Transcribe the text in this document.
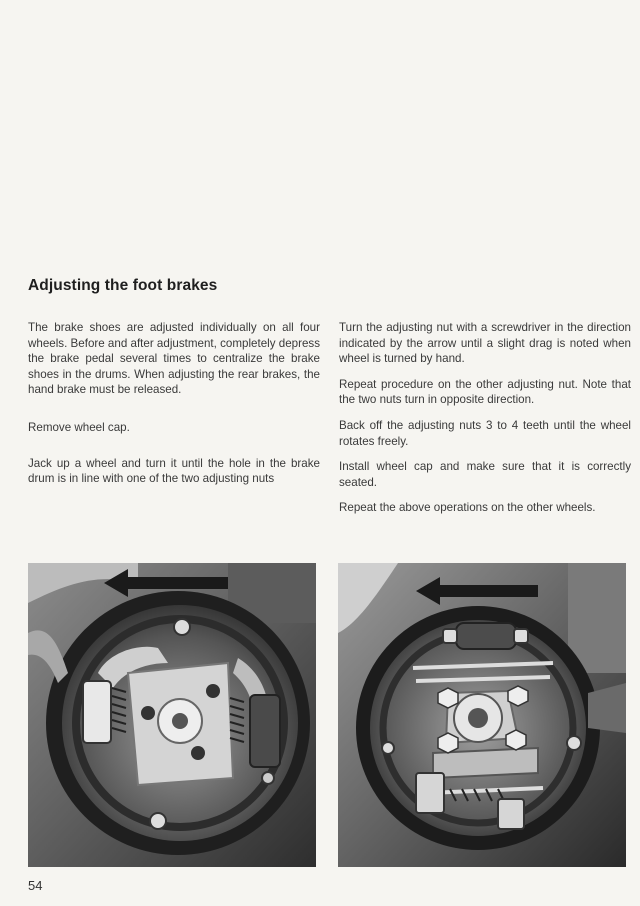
Adjusting the foot brakes

The brake shoes are adjusted individually on all four wheels. Before and after adjustment, completely depress the brake pedal several times to centralize the brake shoes in the drums. When adjusting the rear brakes, the hand brake must be released.

Remove wheel cap.

Jack up a wheel and turn it until the hole in the brake drum is in line with one of the two adjusting nuts

Turn the adjusting nut with a screwdriver in the direction indicated by the arrow until a slight drag is noted when wheel is turned by hand.

Repeat procedure on the other adjusting nut. Note that the two nuts turn in opposite direction.

Back off the adjusting nuts 3 to 4 teeth until the wheel rotates freely.

Install wheel cap and make sure that it is correctly seated.

Repeat the above operations on the other wheels.

54
